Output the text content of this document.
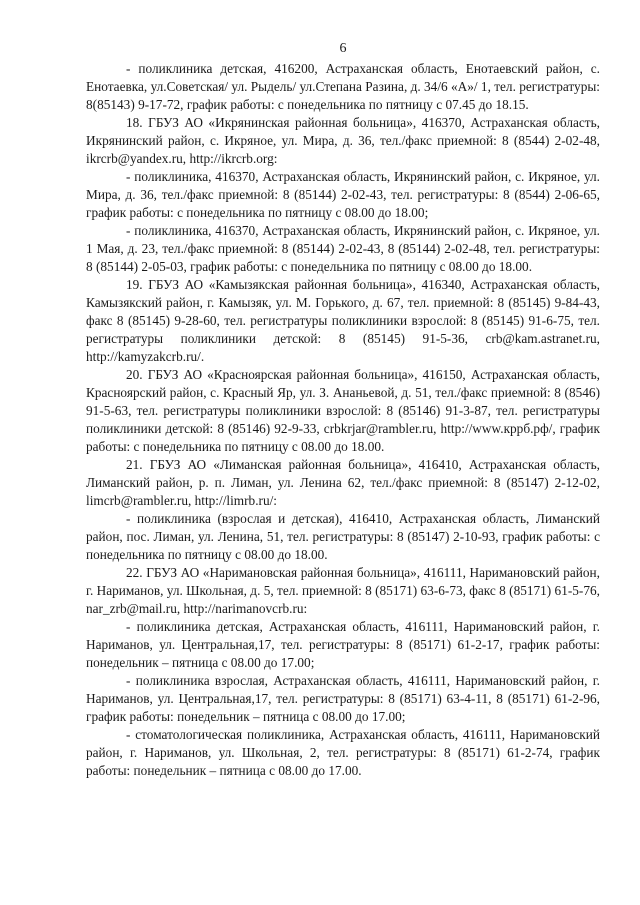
6

- поликлиника детская, 416200, Астраханская область, Енотаевский район, с. Енотаевка, ул.Советская/ ул. Рыдель/ ул.Степана Разина, д. 34/6 «А»/ 1, тел. регистратуры: 8(85143) 9-17-72, график работы: с понедельника по пятницу с 07.45 до 18.15.

18. ГБУЗ АО «Икрянинская районная больница», 416370, Астраханская область, Икрянинский район, с. Икряное, ул. Мира, д. 36, тел./факс приемной: 8 (8544) 2-02-48, ikrcrb@yandex.ru, http://ikrcrb.org:

- поликлиника, 416370, Астраханская область, Икрянинский район, с. Икряное, ул. Мира, д. 36, тел./факс приемной: 8 (85144) 2-02-43, тел. регистратуры: 8 (8544) 2-06-65, график работы: с понедельника по пятницу с 08.00 до 18.00;

- поликлиника, 416370, Астраханская область, Икрянинский район, с. Икряное, ул. 1 Мая, д. 23, тел./факс приемной: 8 (85144) 2-02-43, 8 (85144) 2-02-48, тел. регистратуры: 8 (85144) 2-05-03, график работы: с понедельника по пятницу с 08.00 до 18.00.

19. ГБУЗ АО «Камызякская районная больница», 416340, Астраханская область, Камызякский район, г. Камызяк, ул. М. Горького, д. 67, тел. приемной: 8 (85145) 9-84-43, факс 8 (85145) 9-28-60, тел. регистратуры поликлиники взрослой: 8 (85145) 91-6-75, тел. регистратуры поликлиники детской: 8 (85145) 91-5-36, crb@kam.astranet.ru, http://kamyzakcrb.ru/.

20. ГБУЗ АО «Красноярская районная больница», 416150, Астраханская область, Красноярский район, с. Красный Яр, ул. З. Ананьевой, д. 51, тел./факс приемной: 8 (8546) 91-5-63, тел. регистратуры поликлиники взрослой: 8 (85146) 91-3-87, тел. регистратуры поликлиники детской: 8 (85146) 92-9-33, crbkrjar@rambler.ru, http://www.кррб.рф/, график работы: с понедельника по пятницу с 08.00 до 18.00.

21. ГБУЗ АО «Лиманская районная больница», 416410, Астраханская область, Лиманский район, р. п. Лиман, ул. Ленина 62, тел./факс приемной: 8 (85147) 2-12-02, limcrb@rambler.ru, http://limrb.ru/:

- поликлиника (взрослая и детская), 416410, Астраханская область, Лиманский район, пос. Лиман, ул. Ленина, 51, тел. регистратуры: 8 (85147) 2-10-93, график работы: с понедельника по пятницу с 08.00 до 18.00.

22. ГБУЗ АО «Наримановская районная больница», 416111, Наримановский район, г. Нариманов, ул. Школьная, д. 5, тел. приемной: 8 (85171) 63-6-73, факс 8 (85171) 61-5-76, nar_zrb@mail.ru, http://narimanovcrb.ru:

- поликлиника детская, Астраханская область, 416111, Наримановский район, г. Нариманов, ул. Центральная,17, тел. регистратуры: 8 (85171) 61-2-17, график работы: понедельник – пятница с 08.00 до 17.00;

- поликлиника взрослая, Астраханская область, 416111, Наримановский район, г. Нариманов, ул. Центральная,17, тел. регистратуры: 8 (85171) 63-4-11, 8 (85171) 61-2-96, график работы: понедельник – пятница с 08.00 до 17.00;

- стоматологическая поликлиника, Астраханская область, 416111, Наримановский район, г. Нариманов, ул. Школьная, 2, тел. регистратуры: 8 (85171) 61-2-74, график работы: понедельник – пятница с 08.00 до 17.00.
